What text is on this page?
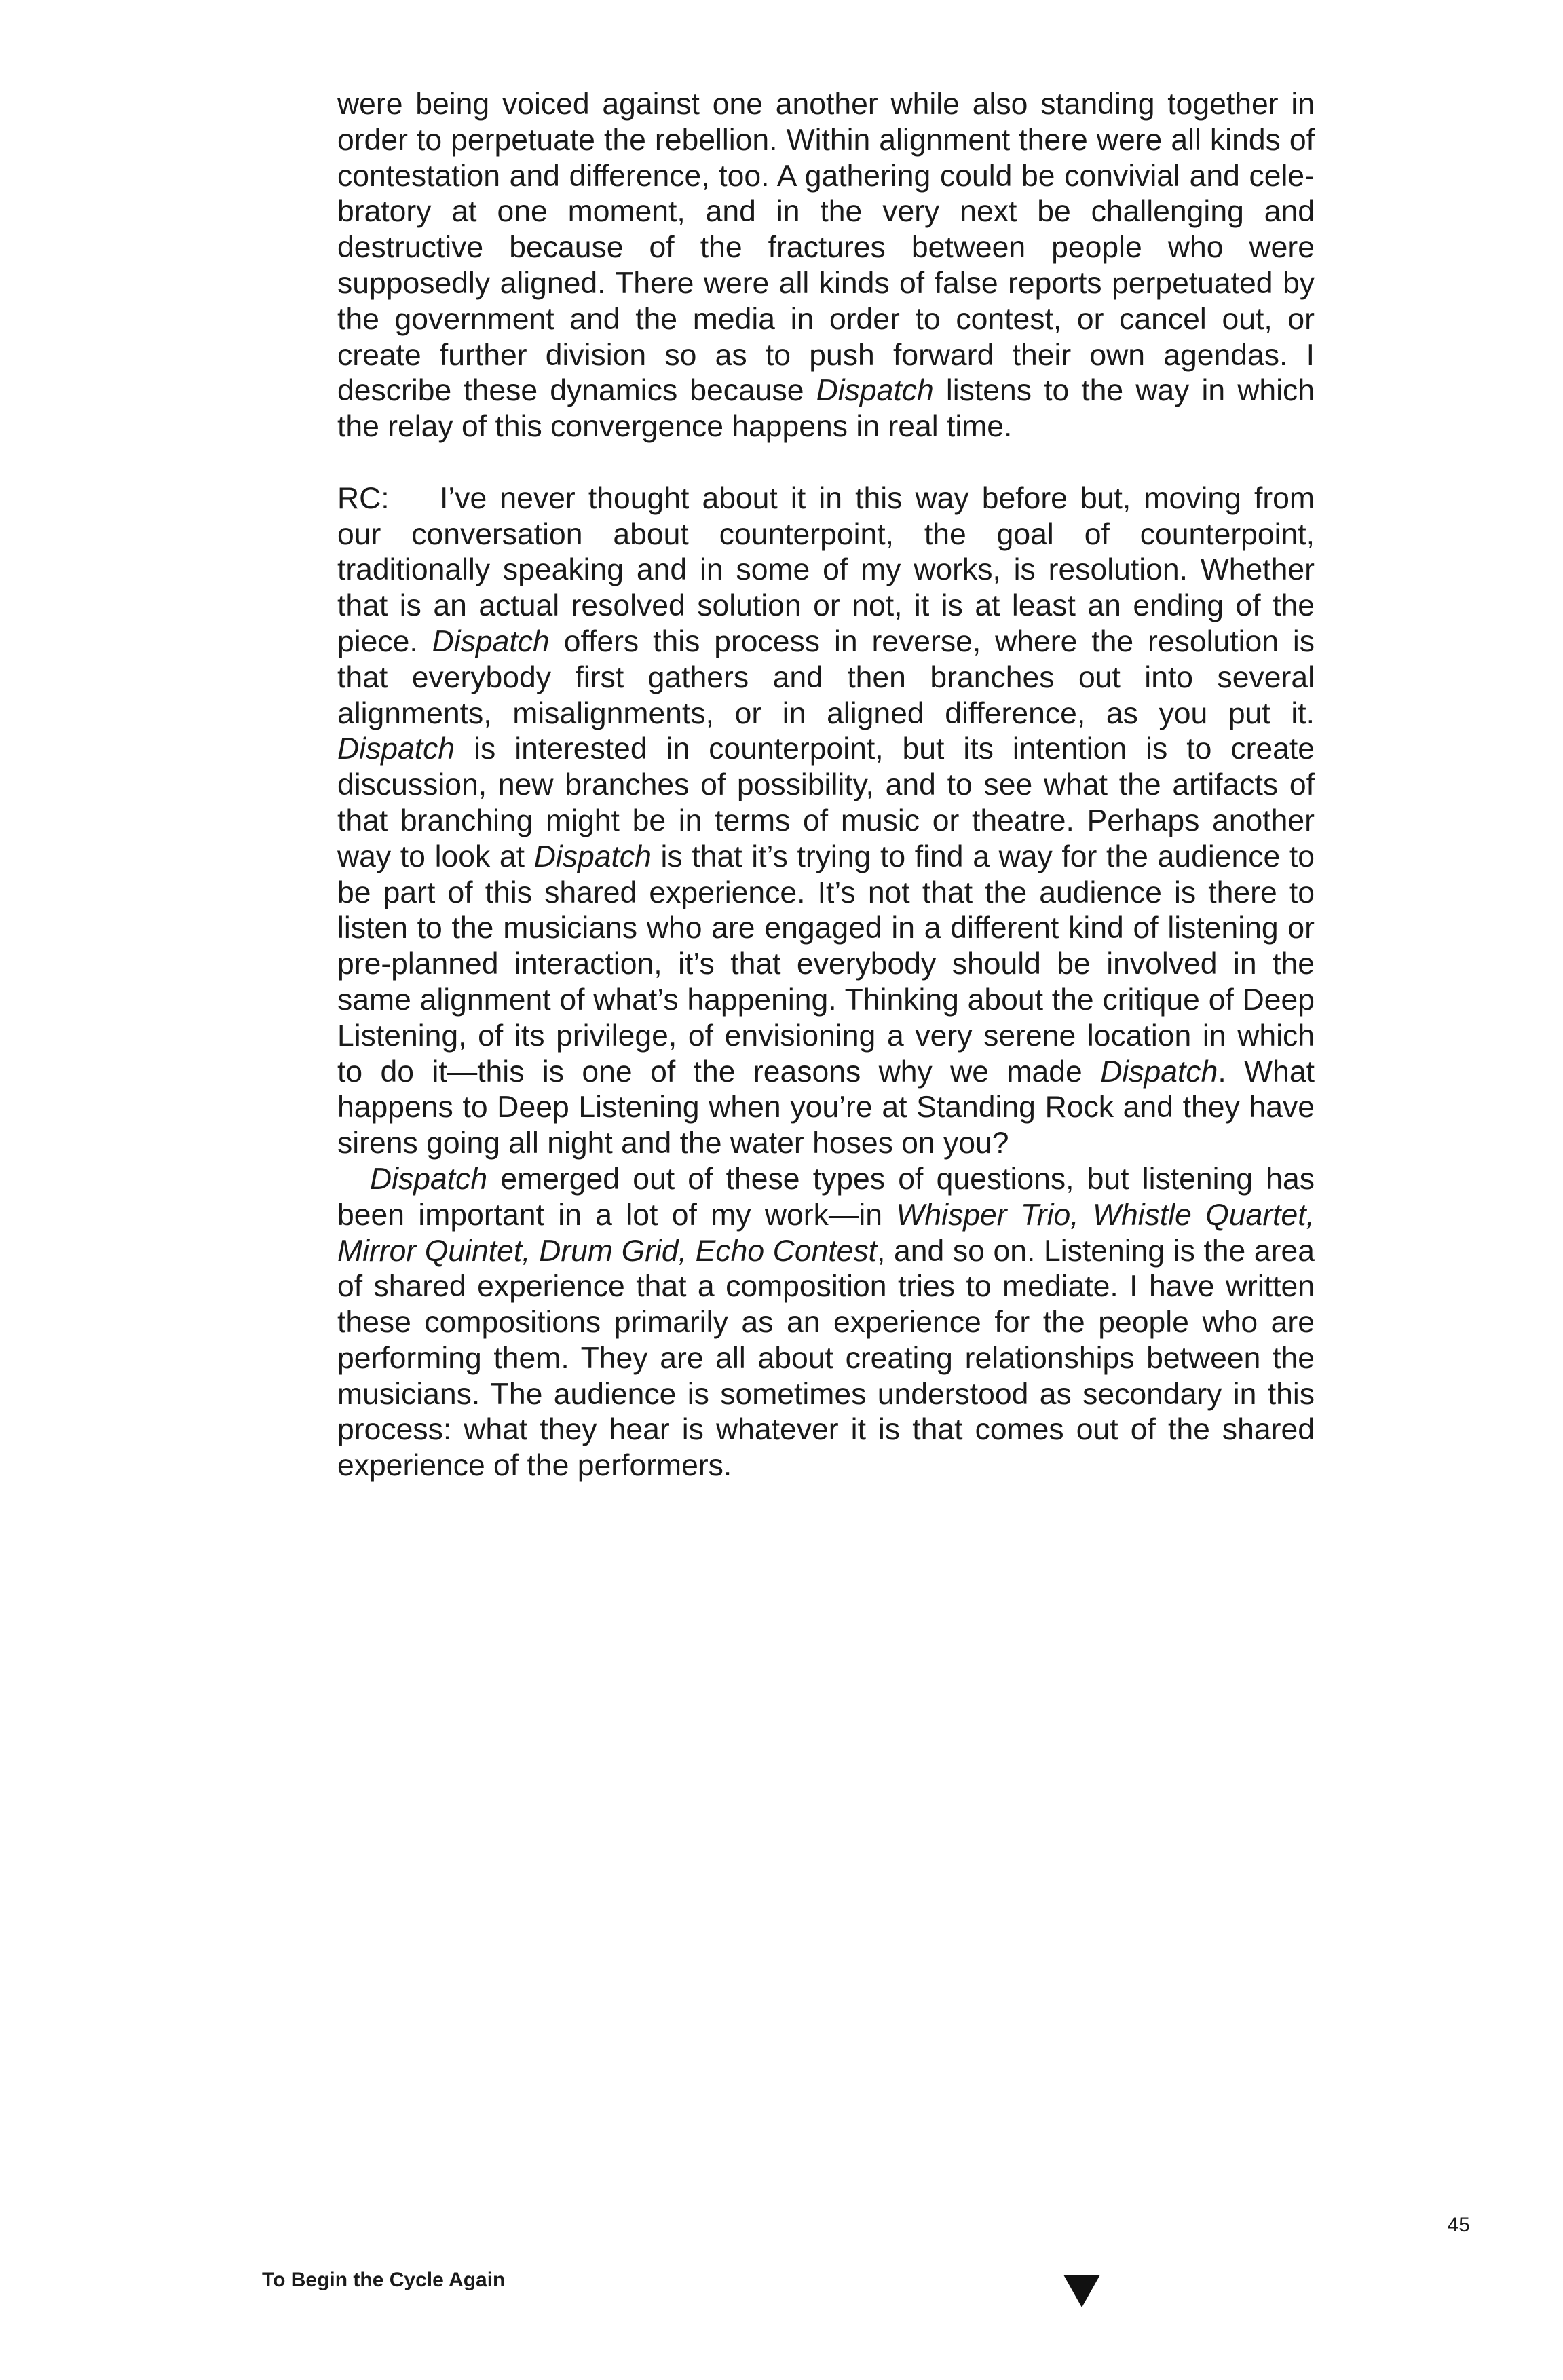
were being voiced against one another while also standing together in order to perpetuate the rebellion. Within alignment there were all kinds of contestation and difference, too. A gathering could be convivial and celebratory at one moment, and in the very next be challenging and destructive because of the fractures between people who were supposedly aligned. There were all kinds of false reports perpetuated by the government and the media in order to contest, or cancel out, or create further division so as to push forward their own agendas. I describe these dynamics because Dispatch listens to the way in which the relay of this convergence happens in real time.

RC: I’ve never thought about it in this way before but, moving from our conversation about counterpoint, the goal of counterpoint, traditionally speaking and in some of my works, is resolution. Whether that is an actual resolved solution or not, it is at least an ending of the piece. Dispatch offers this process in reverse, where the resolution is that everybody first gathers and then branches out into several alignments, misalignments, or in aligned difference, as you put it. Dispatch is interested in counterpoint, but its intention is to create discussion, new branches of possibility, and to see what the artifacts of that branching might be in terms of music or theatre. Perhaps another way to look at Dispatch is that it’s trying to find a way for the audience to be part of this shared experience. It’s not that the audience is there to listen to the musicians who are engaged in a different kind of listening or pre-planned interaction, it’s that everybody should be involved in the same alignment of what’s happening. Thinking about the critique of Deep Listening, of its privilege, of envisioning a very serene location in which to do it—this is one of the reasons why we made Dispatch. What happens to Deep Listening when you’re at Standing Rock and they have sirens going all night and the water hoses on you?

Dispatch emerged out of these types of questions, but listening has been important in a lot of my work—in Whisper Trio, Whistle Quartet, Mirror Quintet, Drum Grid, Echo Contest, and so on. Listening is the area of shared experience that a composition tries to mediate. I have written these compositions primarily as an experience for the people who are performing them. They are all about creating relationships between the musicians. The audience is sometimes understood as secondary in this process: what they hear is whatever it is that comes out of the shared experience of the performers.

45
To Begin the Cycle Again
